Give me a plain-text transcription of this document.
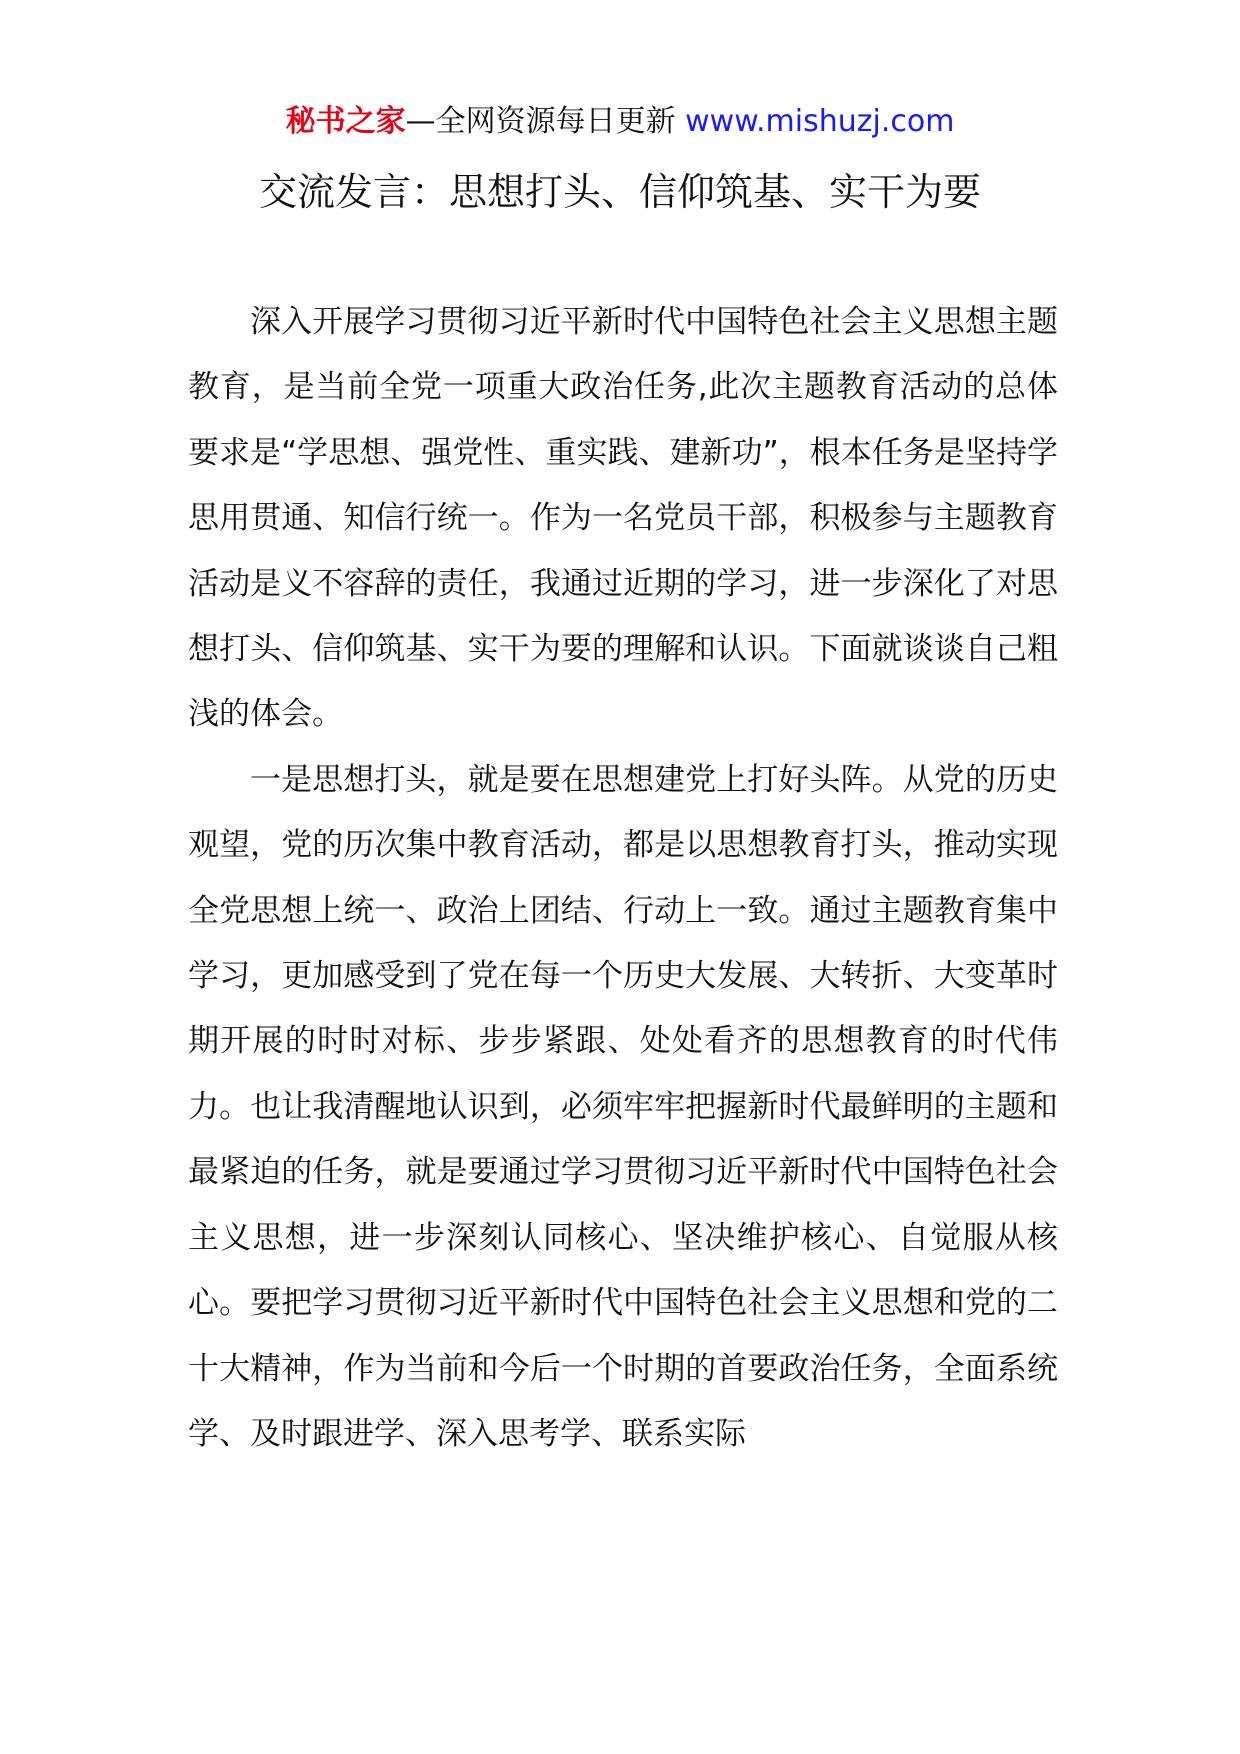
秘书之家—全网资源每日更新 www.mishuzj.com
交流发言：思想打头、信仰筑基、实干为要

深入开展学习贯彻习近平新时代中国特色社会主义思想主题教育，是当前全党一项重大政治任务,此次主题教育活动的总体要求是“学思想、强党性、重实践、建新功”，根本任务是坚持学思用贯通、知信行统一。作为一名党员干部，积极参与主题教育活动是义不容辞的责任，我通过近期的学习，进一步深化了对思想打头、信仰筑基、实干为要的理解和认识。下面就谈谈自己粗浅的体会。

一是思想打头，就是要在思想建党上打好头阵。从党的历史观望，党的历次集中教育活动，都是以思想教育打头，推动实现全党思想上统一、政治上团结、行动上一致。通过主题教育集中学习，更加感受到了党在每一个历史大发展、大转折、大变革时期开展的时时对标、步步紧跟、处处看齐的思想教育的时代伟力。也让我清醒地认识到，必须牢牢把握新时代最鲜明的主题和最紧迫的任务，就是要通过学习贯彻习近平新时代中国特色社会主义思想，进一步深刻认同核心、坚决维护核心、自觉服从核心。要把学习贯彻习近平新时代中国特色社会主义思想和党的二十大精神，作为当前和今后一个时期的首要政治任务，全面系统学、及时跟进学、深入思考学、联系实际
